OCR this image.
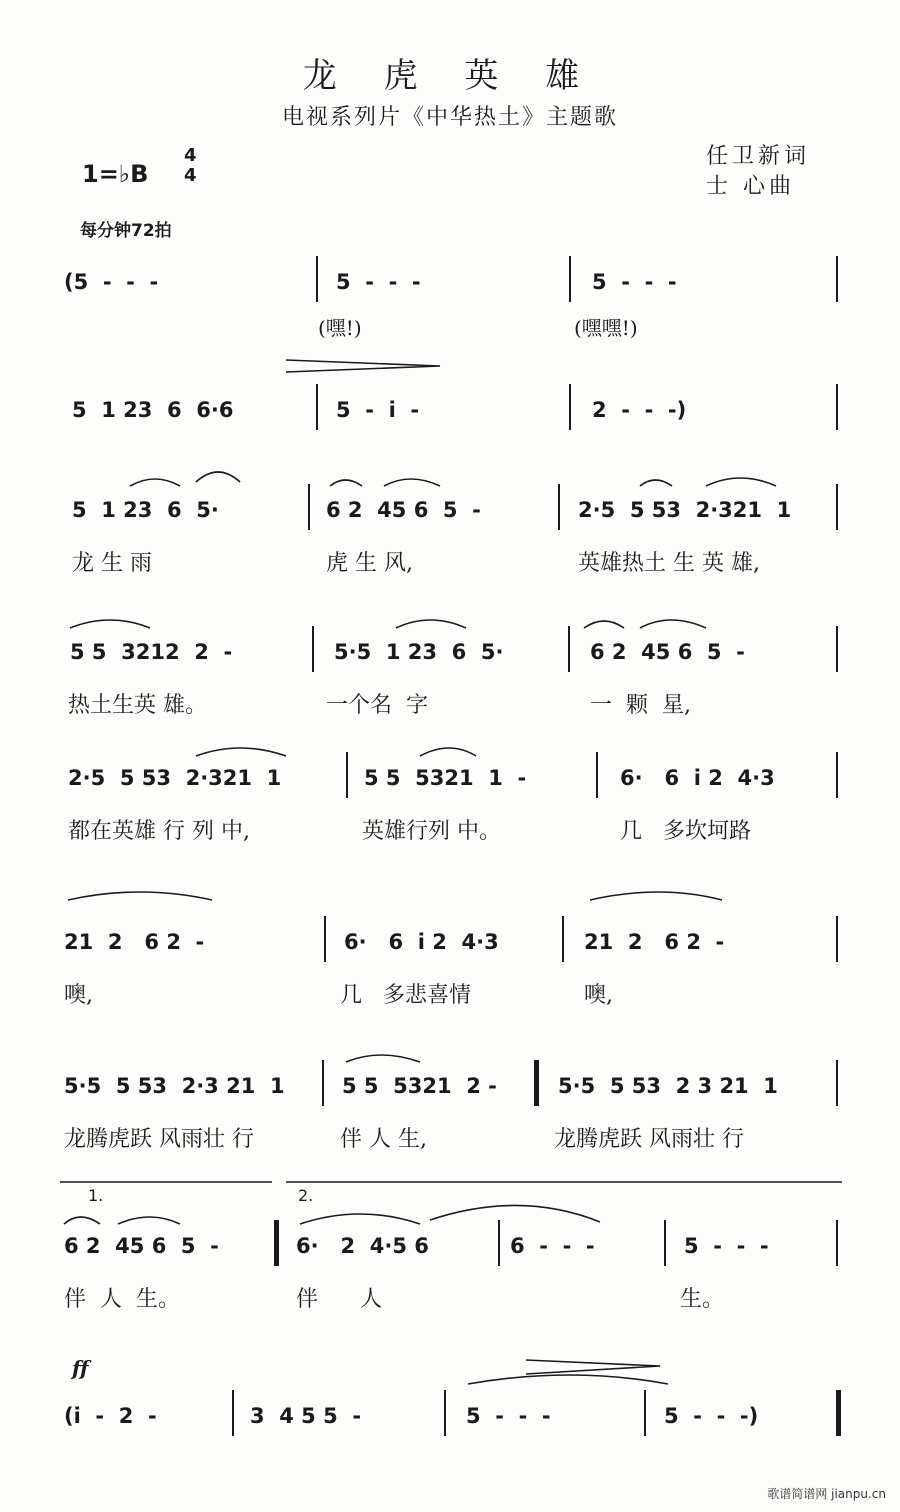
龙 虎 英 雄
电视系列片《中华热土》主题歌
1=♭B
4
4
任卫新词
士 心曲
每分钟72拍
(5  -  -  -	5  -  -  -	5  -  -  -
(嘿!)	(嘿嘿!)
5  1 23  6  6·6	5  -  i  -	2  -  -  -)
5  1 23  6  5·	6 2  45 6  5  -	2·5  5 53  2·321  1
龙 生 雨	虎 生 风,	英雄热土 生 英 雄,
5 5  3212  2  -	5·5  1 23  6  5·	6 2  45 6  5  -
热土生英 雄。	一个名  字	一  颗  星,
2·5  5 53  2·321  1	5 5  5321  1  -	6·   6  i 2  4·3
都在英雄 行 列 中,	英雄行列 中。	几   多坎坷路
21  2   6 2  -	6·   6  i 2  4·3	21  2   6 2  -
噢,	几   多悲喜情	噢,
5·5  5 53  2·3 21  1	5 5  5321  2 -	5·5  5 53  2 3 21  1
龙腾虎跃 风雨壮 行	伴 人 生,	龙腾虎跃 风雨壮 行
1.	2.
6 2  45 6  5  -	6·   2  4·5 6	6  -  -  -	5  -  -  -
伴  人  生。	伴      人	生。
ff
(i  -  2  -	3  4 5 5  -	5  -  -  -	5  -  -  -)
歌谱简谱网 jianpu.cn
